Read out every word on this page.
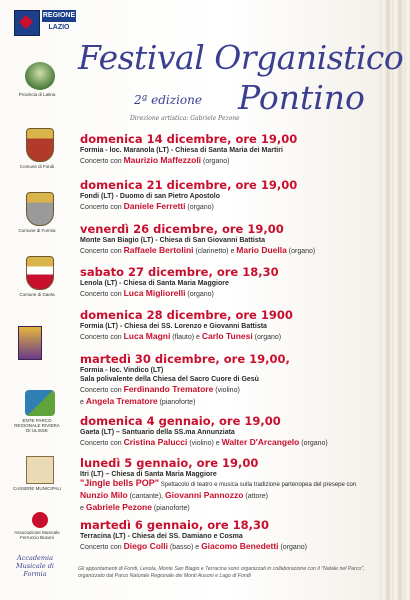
REGIONE
LAZIO
Provincia di Latina
Comune di Fondi
Comune di Formia
Comune di Gaeta
ENTE PARCO REGIONALE RIVIERA DI ULISSE
CASSERE MUNICIPALI
Associazione Musicale Ferruccio Busoni
Accademia Musicale di Formia
Festival Organistico
2ª edizione Pontino
Direzione artistica: Gabriele Pezone
domenica 14 dicembre, ore 19,00
Formia - loc. Maranola (LT) - Chiesa di Santa Maria dei Martiri
Concerto con Maurizio Maffezzoli (organo)
domenica 21 dicembre, ore 19,00
Fondi (LT) - Duomo di san Pietro Apostolo
Concerto con Daniele Ferretti (organo)
venerdì 26 dicembre, ore 19,00
Monte San Biagio (LT) - Chiesa di San Giovanni Battista
Concerto con Raffaele Bertolini (clarinetto) e Mario Duella (organo)
sabato 27 dicembre, ore 18,30
Lenola (LT) - Chiesa di Santa Maria Maggiore
Concerto con Luca Migliorelli (organo)
domenica 28 dicembre, ore 1900
Formia (LT) - Chiesa dei SS. Lorenzo e Giovanni Battista
Concerto con Luca Magni (flauto) e Carlo Tunesi (organo)
martedì 30 dicembre, ore 19,00,
Formia - loc. Vindico (LT)
Sala polivalente della Chiesa del Sacro Cuore di Gesù
Concerto con Ferdinando Trematore (violino)
e Angela Trematore (pianoforte)
domenica 4 gennaio, ore 19,00
Gaeta (LT) – Santuario della SS.ma Annunziata
Concerto con Cristina Palucci (violino) e Walter D'Arcangelo (organo)
lunedì 5 gennaio, ore 19,00
Itri (LT) – Chiesa di Santa Maria Maggiore
"Jingle bells POP" Spettacolo di teatro e musica sulla tradizione partenopea del presepe con
Nunzio Milo (cantante), Giovanni Pannozzo (attore)
e Gabriele Pezone (pianoforte)
martedì 6 gennaio, ore 18,30
Terracina (LT) - Chiesa dei SS. Damiano e Cosma
Concerto con Diego Colli (basso) e Giacomo Benedetti (organo)
Gli appuntamenti di Fondi, Lenola, Monte San Biagio e Terracina sono organizzati in collaborazione con il "Natale nel Parco", organizzato dal Parco Naturale Regionale dei Monti Ausoni e Lago di Fondi
